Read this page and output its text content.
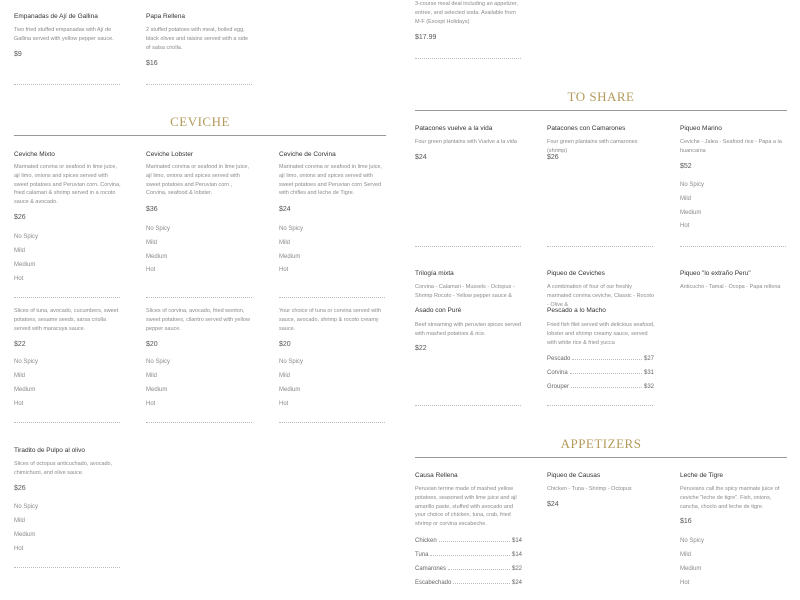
Empanadas de Ají de Gallina
Two fried stuffed empanadas with Ají de Gallina served with yellow pepper sauce.
$9
Papa Rellena
2 stuffed potatoes with meat, boiled egg, black olives and raisins served with a side of salsa criolla.
$16
CEVICHE
Ceviche Mixto
Marinated corvina or seafood in lime juice, ají limo, onions and spices served with sweet potatoes and Peruvian corn. Corvina, fried calamari & shrimp served in a rocoto sauce & avocado.
$26
No Spicy
Mild
Medium
Hot
Ceviche Lobster
Marinated corvina or seafood in lime juice, ají limo, onions and spices served with sweet potatoes and Peruvian corn , Corvina, seafood & lobster.
$36
No Spicy
Mild
Medium
Hot
Ceviche de Corvina
Marinated corvina or seafood in lime juice, ají limo, onions and spices served with sweet potatoes and Peruvian corn Served with chifles and leche de Tigre.
$24
No Spicy
Mild
Medium
Hot
Slices of tuna, avocado, cucumbers, sweet potatoes, sesame seeds, sarsa criolla served with maracuya sauce.
$22
No Spicy
Mild
Medium
Hot
Slices of corvina, avocado, fried wonton, sweet potatoes, cilantro served with yellow pepper sauce.
$20
No Spicy
Mild
Medium
Hot
Your choice of tuna or corvina served with sauce, avocado, shrimp & rocoto creamy sauce.
$20
No Spicy
Mild
Medium
Hot
Tiradito de Pulpo al olivo
Slices of octopus anticuchado, avocado, chimichurri, and olive sauce.
$26
No Spicy
Mild
Medium
Hot
3-course meal deal including an appetizer, entree, and selected soda. Available from M-F (Except Holidays)
$17.99
TO SHARE
Patacones vuelve a la vida
Four green plantains with Vuelve a la vida
$24
Patacones con Camarones
Four green plantains with camarones (shrimp)
$26
Piqueo Marino
Ceviche - Jalea - Seafood rice - Papa a la huancaína
$52
No Spicy
Mild
Medium
Hot
Trilogía mixta
Corvina - Calamari - Mussels - Octopus - Shrimp Rocoto - Yellow pepper sauce &
Asado con Puré
Beef streaming with peruvian spices served with mashed potatoes & rice.
$22
Piqueo de Ceviches
A combination of four of our freshly marinated corvina ceviche, Classic - Rocoto - Olive &
Pescado a lo Macho
Fried fish filet served with delicious seafood, lobster and shrimp creamy sauce, served with white rice & fried yucca
Pescado	$27
Corvina	$31
Grouper	$32
Piqueo "lo extraño Peru"
Anticucho - Tamal - Ocopa - Papa rellena
APPETIZERS
Causa Rellena
Peruvian terrine made of mashed yellow potatoes, seasoned with lime juice and ají amarillo paste, stuffed with avocado and your choice of chicken, tuna, crab, fried shrimp or corvina escabeche.
Chicken	$14
Tuna	$14
Camarones	$22
Escabechado	$24
Piqueo de Causas
Chicken - Tuna - Shrimp - Octopus
$24
Leche de Tigre
Peruvians call the spicy marinate juice of ceviche "leche de tigre". Fish, onions, cancha, choclo and leche de tigre.
$16
No Spicy
Mild
Medium
Hot
